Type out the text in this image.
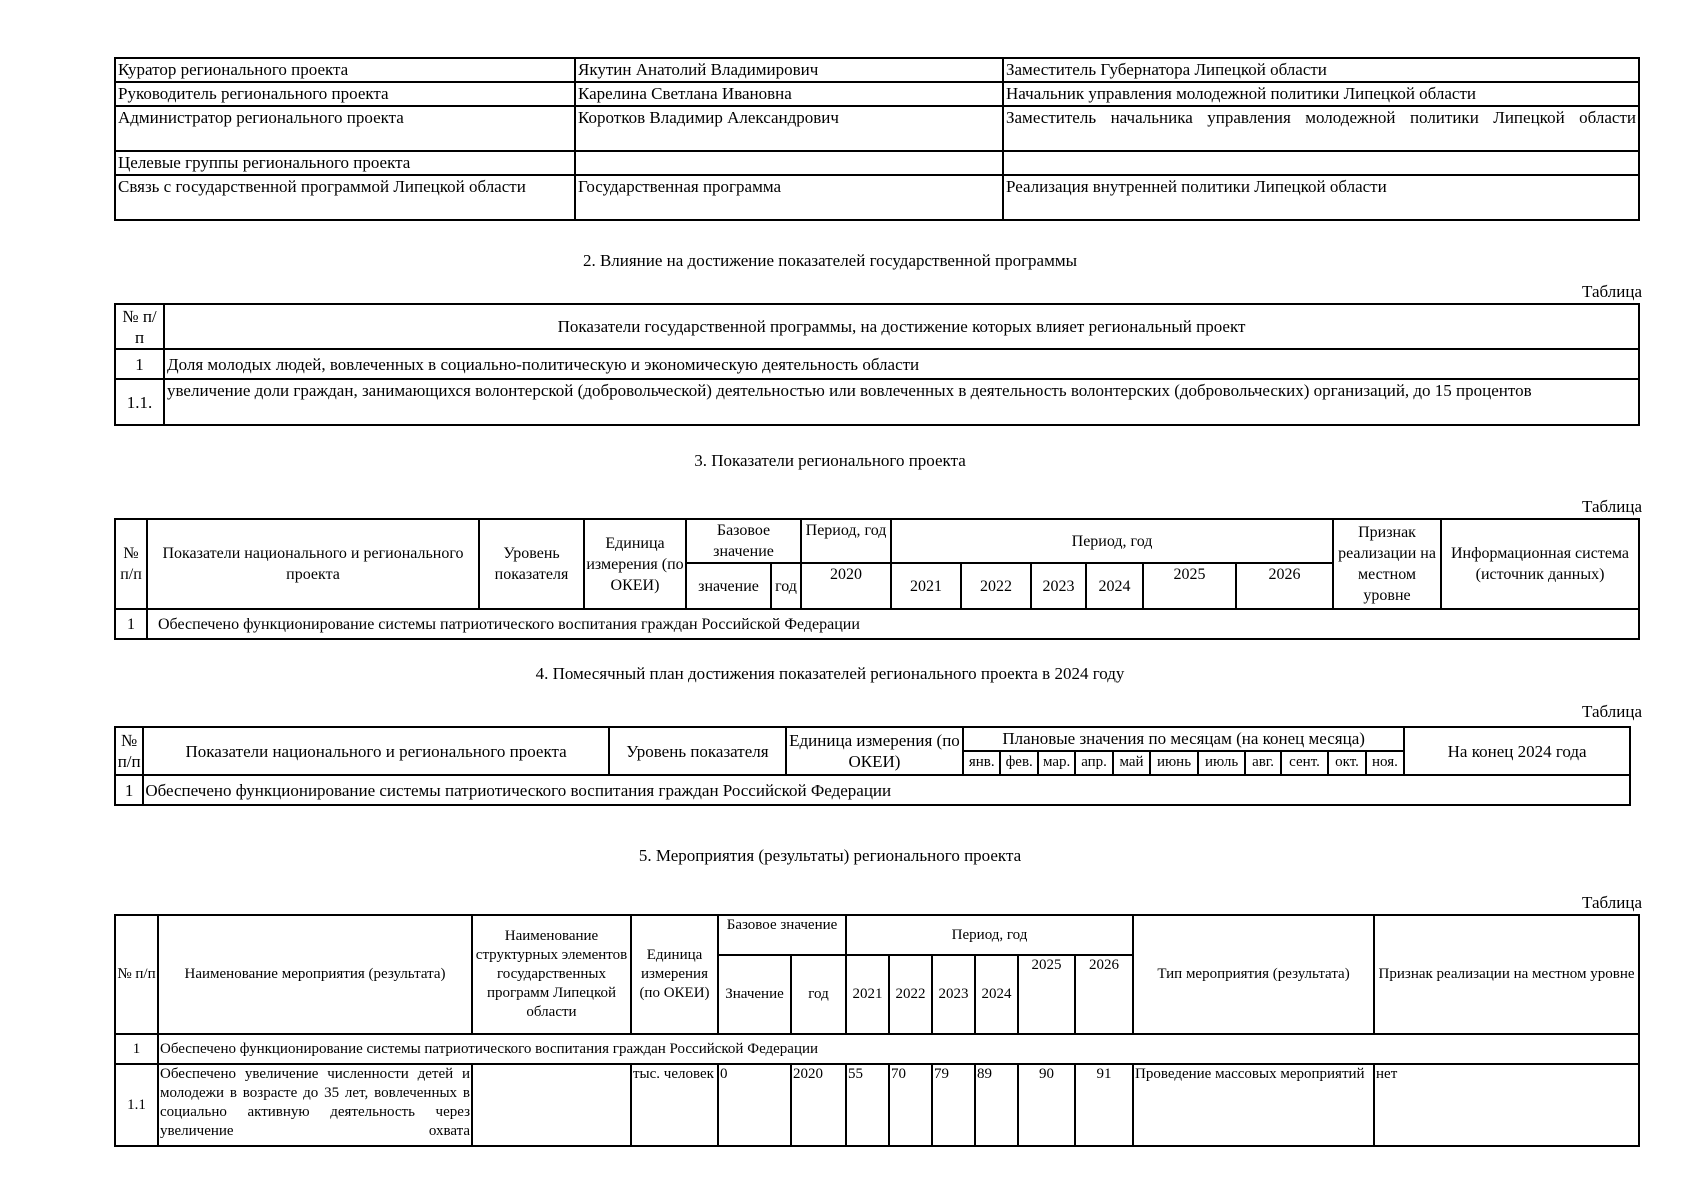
Куратор регионального проекта	Якутин Анатолий Владимирович	Заместитель Губернатора Липецкой области
Руководитель регионального проекта	Карелина Светлана Ивановна	Начальник управления молодежной политики Липецкой области
Администратор регионального проекта	Коротков Владимир Александрович	Заместитель начальника управления молодежной политики Липецкой области
Целевые группы регионального проекта		
Связь с государственной программой Липецкой области	Государственная программа	Реализация внутренней политики Липецкой области
2. Влияние на достижение показателей государственной программы
Таблица
№ п/п	Показатели государственной программы, на достижение которых влияет региональный проект
1	Доля молодых людей, вовлеченных в социально-политическую и экономическую деятельность области
1.1.	увеличение доли граждан, занимающихся волонтерской (добровольческой) деятельностью или вовлеченных в деятельность волонтерских (добровольческих) организаций, до 15 процентов
3. Показатели регионального проекта
Таблица
№ п/п	Показатели национального и регионального проекта	Уровень показателя	Единица измерения (по ОКЕИ)	Базовое значение		Период, год	Период, год						Признак реализации на местном уровне	Информационная система (источник данных)
				значение	год	2020	2021	2022	2023	2024	2025	2026		
1	Обеспечено функционирование системы патриотического воспитания граждан Российской Федерации													
4. Помесячный план достижения показателей регионального проекта в 2024 году
Таблица
№ п/п	Показатели национального и регионального проекта	Уровень показателя	Единица измерения (по ОКЕИ)	Плановые значения по месяцам (на конец месяца)											На конец 2024 года
				янв.	фев.	мар.	апр.	май	июнь	июль	авг.	сент.	окт.	ноя.	
1	Обеспечено функционирование системы патриотического воспитания граждан Российской Федерации														
5. Мероприятия (результаты) регионального проекта
Таблица
№ п/п	Наименование мероприятия (результата)	Наименование структурных элементов государственных программ Липецкой области	Единица измерения (по ОКЕИ)	Базовое значение		Период, год						Тип мероприятия (результата)	Признак реализации на местном уровне
				Значение	год	2021	2022	2023	2024	2025	2026		
1	Обеспечено функционирование системы патриотического воспитания граждан Российской Федерации												
1.1	Обеспечено увеличение численности детей и молодежи в возрасте до 35 лет, вовлеченных в социально активную деятельность через увеличение охвата		тыс. человек	0	2020	55	70	79	89	90	91	Проведение массовых мероприятий	нет
